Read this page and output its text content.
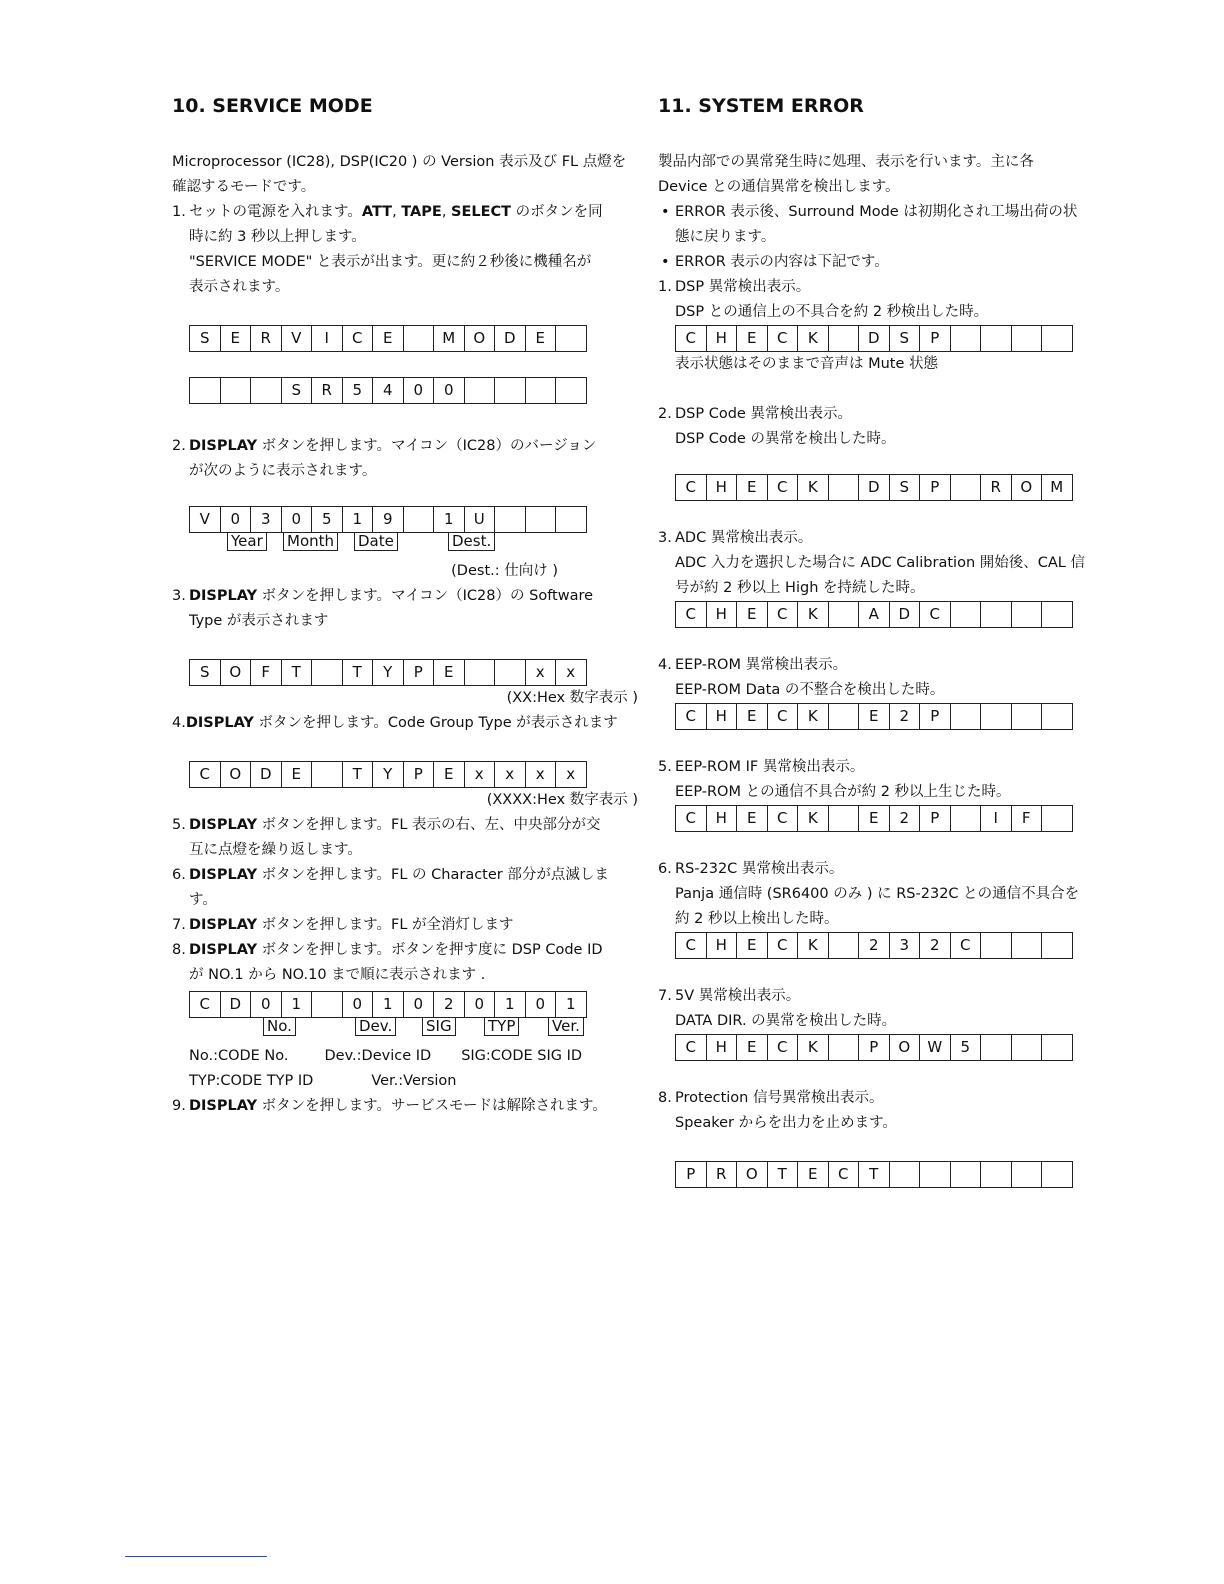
10. SERVICE MODE

Microprocessor (IC28), DSP(IC20 ) の Version 表示及び FL 点燈を

確認するモードです。

1. セットの電源を入れます。ATT, TAPE, SELECT のボタンを同

時に約 3 秒以上押します。

"SERVICE MODE" と表示が出ます。更に約２秒後に機種名が

表示されます。

S	E	R	V	I	C	E	M	O	D	E
S	R	5	4	0	0

2. DISPLAY ボタンを押します。マイコン（IC28）のバージョン

が次のように表示されます。

V	0	3	0	5	1	9	1	U
Year Month Date	Dest.

(Dest.: 仕向け )

3. DISPLAY ボタンを押します。マイコン（IC28）の Software

Type が表示されます

S	O	F	T	T	Y	P	E	x	x

(XX:Hex 数字表示 )

4.DISPLAY ボタンを押します。Code Group Type が表示されます

C	O	D	E	T	Y	P	E	x	x	x	x

(XXXX:Hex 数字表示 )

5. DISPLAY ボタンを押します。FL 表示の右、左、中央部分が交

互に点燈を繰り返します。

6. DISPLAY ボタンを押します。FL の Character 部分が点滅しま

す。

7. DISPLAY ボタンを押します。FL が全消灯します

8. DISPLAY ボタンを押します。ボタンを押す度に DSP Code ID

が NO.1 から NO.10 まで順に表示されます .

C	D	0	1	0	1	0	2	0	1	0	1
No.	Dev. SIG TYP Ver.

No.:CODE No. Dev.:Device ID SIG:CODE SIG ID

TYP:CODE TYP ID	Ver.:Version

9. DISPLAY ボタンを押します。サービスモードは解除されます。

11. SYSTEM ERROR

製品内部での異常発生時に処理、表示を行います。主に各

Device との通信異常を検出します。

• ERROR 表示後、Surround Mode は初期化され工場出荷の状

態に戻ります。

• ERROR 表示の内容は下記です。

1. DSP 異常検出表示。

DSP との通信上の不具合を約 2 秒検出した時。

C	H	E	C	K	D	S	P

表示状態はそのままで音声は Mute 状態

2. DSP Code 異常検出表示。

DSP Code の異常を検出した時。

C	H	E	C	K	D	S	P	R	O	M

3. ADC 異常検出表示。

ADC 入力を選択した場合に ADC Calibration 開始後、CAL 信

号が約 2 秒以上 High を持続した時。

C	H	E	C	K	A	D	C

4. EEP-ROM 異常検出表示。

EEP-ROM Data の不整合を検出した時。

C	H	E	C	K	E	2	P

5. EEP-ROM IF 異常検出表示。

EEP-ROM との通信不具合が約 2 秒以上生じた時。

C	H	E	C	K	E	2	P	I	F

6. RS-232C 異常検出表示。

Panja 通信時 (SR6400 のみ ) に RS-232C との通信不具合を

約 2 秒以上検出した時。

C	H	E	C	K	2	3	2	C

7. 5V 異常検出表示。

DATA DIR. の異常を検出した時。

C	H	E	C	K	P	O	W	5

8. Protection 信号異常検出表示。

Speaker からを出力を止めます。

P	R	O	T	E	C	T
